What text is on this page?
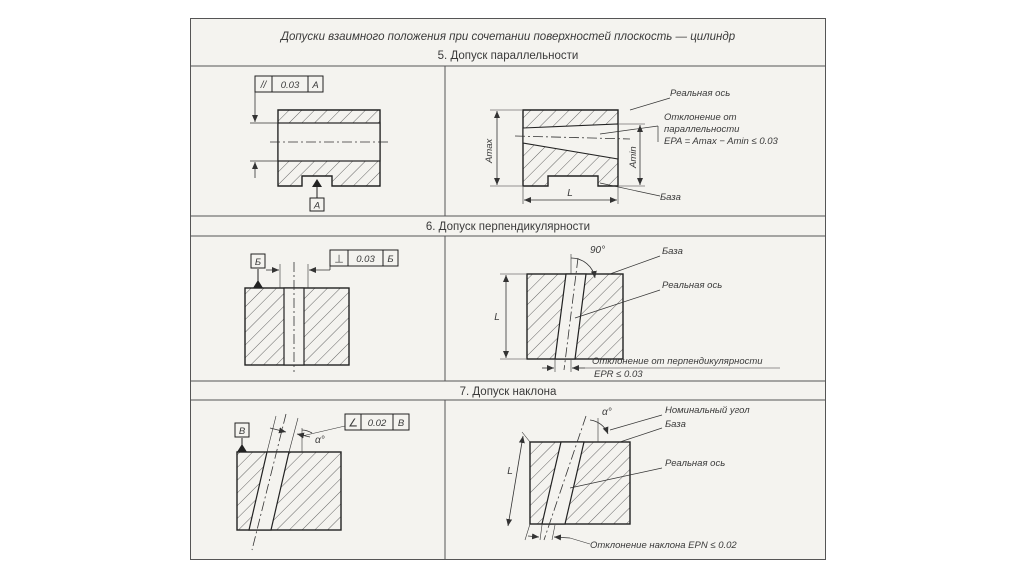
Допуски взаимного положения при сочетании поверхностей плоскость — цилиндр
5. Допуск параллельности
6. Допуск перпендикулярности
7. Допуск наклона
// 0.03 A
A
Amax	Amin
L
Реальная ось
Отклонение от
параллельности
EPA = Amax − Amin ≤ 0.03
База
⊥ 0.03 Б
Б
90°
L
База
Реальная ось
Отклонение от перпендикулярности
EPR ≤ 0.03
α°
∠ 0.02 В
В
L
α°	Номинальный угол
База
Реальная ось
Отклонение наклона EPN ≤ 0.02
